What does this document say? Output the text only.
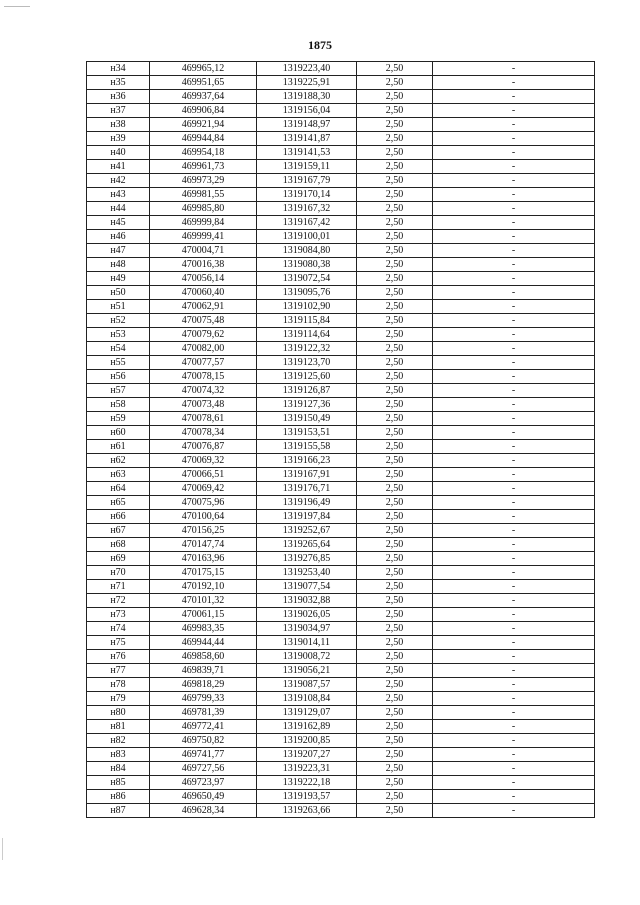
1875
н34	469965,12	1319223,40	2,50	-
н35	469951,65	1319225,91	2,50	-
н36	469937,64	1319188,30	2,50	-
н37	469906,84	1319156,04	2,50	-
н38	469921,94	1319148,97	2,50	-
н39	469944,84	1319141,87	2,50	-
н40	469954,18	1319141,53	2,50	-
н41	469961,73	1319159,11	2,50	-
н42	469973,29	1319167,79	2,50	-
н43	469981,55	1319170,14	2,50	-
н44	469985,80	1319167,32	2,50	-
н45	469999,84	1319167,42	2,50	-
н46	469999,41	1319100,01	2,50	-
н47	470004,71	1319084,80	2,50	-
н48	470016,38	1319080,38	2,50	-
н49	470056,14	1319072,54	2,50	-
н50	470060,40	1319095,76	2,50	-
н51	470062,91	1319102,90	2,50	-
н52	470075,48	1319115,84	2,50	-
н53	470079,62	1319114,64	2,50	-
н54	470082,00	1319122,32	2,50	-
н55	470077,57	1319123,70	2,50	-
н56	470078,15	1319125,60	2,50	-
н57	470074,32	1319126,87	2,50	-
н58	470073,48	1319127,36	2,50	-
н59	470078,61	1319150,49	2,50	-
н60	470078,34	1319153,51	2,50	-
н61	470076,87	1319155,58	2,50	-
н62	470069,32	1319166,23	2,50	-
н63	470066,51	1319167,91	2,50	-
н64	470069,42	1319176,71	2,50	-
н65	470075,96	1319196,49	2,50	-
н66	470100,64	1319197,84	2,50	-
н67	470156,25	1319252,67	2,50	-
н68	470147,74	1319265,64	2,50	-
н69	470163,96	1319276,85	2,50	-
н70	470175,15	1319253,40	2,50	-
н71	470192,10	1319077,54	2,50	-
н72	470101,32	1319032,88	2,50	-
н73	470061,15	1319026,05	2,50	-
н74	469983,35	1319034,97	2,50	-
н75	469944,44	1319014,11	2,50	-
н76	469858,60	1319008,72	2,50	-
н77	469839,71	1319056,21	2,50	-
н78	469818,29	1319087,57	2,50	-
н79	469799,33	1319108,84	2,50	-
н80	469781,39	1319129,07	2,50	-
н81	469772,41	1319162,89	2,50	-
н82	469750,82	1319200,85	2,50	-
н83	469741,77	1319207,27	2,50	-
н84	469727,56	1319223,31	2,50	-
н85	469723,97	1319222,18	2,50	-
н86	469650,49	1319193,57	2,50	-
н87	469628,34	1319263,66	2,50	-
